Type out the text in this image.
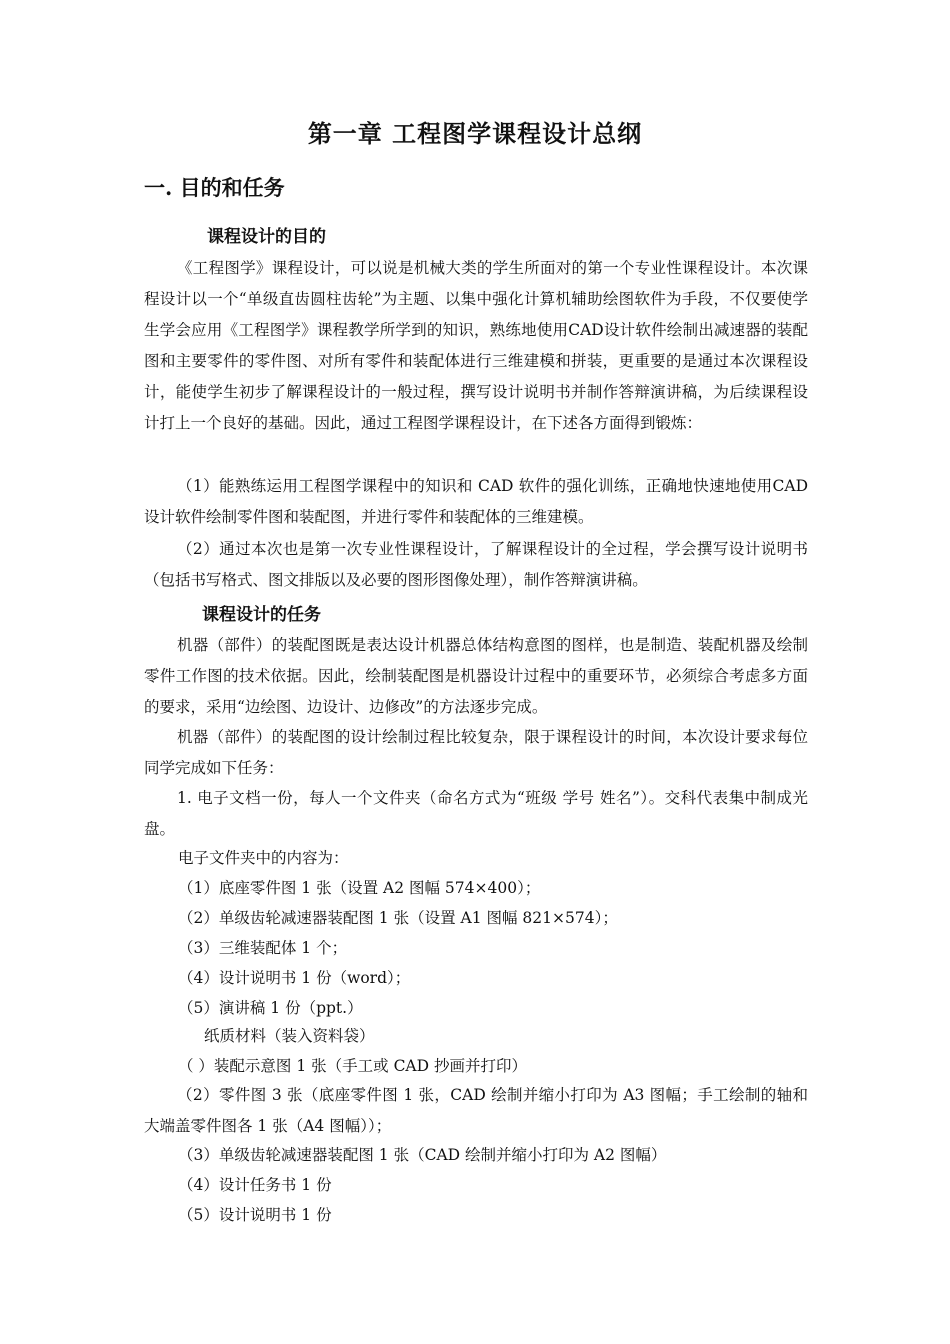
第一章 工程图学课程设计总纲
一. 目的和任务
课程设计的目的

《工程图学》课程设计，可以说是机械大类的学生所面对的第一个专业性课程设计。本次课程设计以一个“单级直齿圆柱齿轮”为主题、以集中强化计算机辅助绘图软件为手段，不仅要使学生学会应用《工程图学》课程教学所学到的知识，熟练地使用CAD设计软件绘制出减速器的装配图和主要零件的零件图、对所有零件和装配体进行三维建模和拼装，更重要的是通过本次课程设计，能使学生初步了解课程设计的一般过程，撰写设计说明书并制作答辩演讲稿，为后续课程设计打上一个良好的基础。因此，通过工程图学课程设计，在下述各方面得到锻炼：

（1）能熟练运用工程图学课程中的知识和 CAD 软件的强化训练，正确地快速地使用CAD设计软件绘制零件图和装配图，并进行零件和装配体的三维建模。

（2）通过本次也是第一次专业性课程设计，了解课程设计的全过程，学会撰写设计说明书（包括书写格式、图文排版以及必要的图形图像处理），制作答辩演讲稿。

课程设计的任务

机器（部件）的装配图既是表达设计机器总体结构意图的图样，也是制造、装配机器及绘制零件工作图的技术依据。因此，绘制装配图是机器设计过程中的重要环节，必须综合考虑多方面的要求，采用“边绘图、边设计、边修改”的方法逐步完成。

机器（部件）的装配图的设计绘制过程比较复杂，限于课程设计的时间，本次设计要求每位同学完成如下任务：

1. 电子文档一份，每人一个文件夹（命名方式为“班级 学号 姓名”）。交科代表集中制成光盘。

电子文件夹中的内容为：

（1）底座零件图 1 张（设置 A2 图幅 574×400）；

（2）单级齿轮减速器装配图 1 张（设置 A1 图幅 821×574）；

（3）三维装配体 1 个；

（4）设计说明书 1 份（word）；

（5）演讲稿 1 份（ppt.）

纸质材料（装入资料袋）

（ ）装配示意图 1 张（手工或 CAD 抄画并打印）

（2）零件图 3 张（底座零件图 1 张，CAD 绘制并缩小打印为 A3 图幅；手工绘制的轴和大端盖零件图各 1 张（A4 图幅））；

（3）单级齿轮减速器装配图 1 张（CAD 绘制并缩小打印为 A2 图幅）

（4）设计任务书 1 份

（5）设计说明书 1 份
